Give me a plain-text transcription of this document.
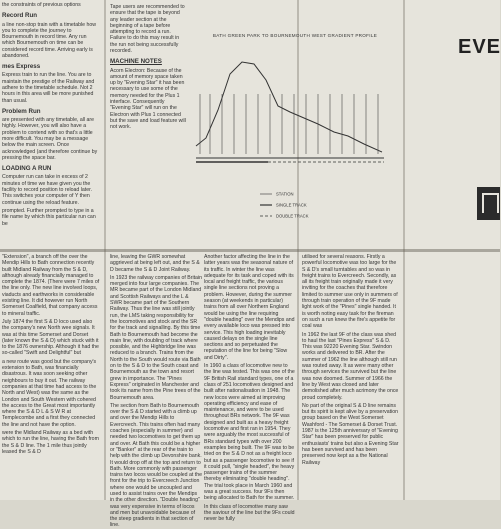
the constraints of previous options

Record Run

a line non-stop train with a timetable how you to complete the journey to Bournemouth in record time. Any run which Bournemouth on time can be considered record time. Arriving early is abandoned.

mes Express

Express train to run the line. You are to maintain the prestige of the Railway and adhere to the timetable schedule. Not 2 hours in this area will be more punished than usual.

Problem Run

are presented with any timetable, all are highly. However, you will also have a problem to contend with so that's a little more difficult. You may be a message below the main screen. Once acknowledged (and therefore continue by pressing the space bar.

LOADING A RUN

Computer run can take in excess of 2 minutes of time we have given you the facility to record position to reload later. This switches your computer of Y then continue using the reload feature.

prompted. Further prompted to type in a file name by which this particular run can be

Tape users are recommended to ensure that the tape is beyond any leader section at the beginning of a tape before attempting to record a run. Failure to do this may result in the run not being successfully recorded.

MACHINE NOTES

Acorn Electron: Because of the amount of memory space taken up by "Evening Star" it has been necessary to use some of the memory needed for the Plus 1 interface. Consequently "Evening Star" will run on the Electron with Plus 1 connected but the save and load feature will not work.

BATH GREEN PARK TO BOURNEMOUTH WEST GRADIENT PROFILE
STATION
SINGLE TRACK
DOUBLE TRACK
EVE

"Extension", a branch off the over the Mendip Hills to Bath connection recently built Midland Railway from the S & D, although already financially managed to complete the 1874. (There were 7 miles of the line only. The new line involved loops, viaducts and earthworks in considerable existing line. It did however run North Somerset Coalfield, that company access to mineral traffic.

July 1874 the first S & D loco used also the company's new North wee signals. It was at this time Somerset and Dorset (later known the S & D) which stuck with it to the 1876 ownership. Although it had the so-called "Swift and Delightful" but

a new route was good but the company's extension to Bath, was financially disastrous. It was soon seeking other neighbours to buy it out. The railway companies at that time had access to the North and West) was the same as the London and South Western with cohered the access to the Great most importantly where the S & D L & S W R at Templecombe and a first they connected the line and not have the option.

were the Midland Railway as a bed with which to run the line, having the Bath from the S & D line. The 1 mile thus jointly leased the S & D

line, leaving the GWR somewhat aggrieved at being left out, and the S & D became the S & D Joint Railway.

In 1923 the railway companies of Britain merged into four large companies. The MR became part of the London Midland and Scottish Railways and the L & SWR became part of the Southern Railway. Thus the line was still jointly run, the LMS taking responsibility for the locomotives and stock and the SR for the track and signalling. By this time Bath to Bournemouth had become the main line, with doubling of track where possible, and the Highbridge line was reduced to a branch. Trains from the North to the South would route via Bath on to the S & D to the South coast and Bournemouth as the town and resort grew in importance. The "Pines Express" originated in Manchester and took its name from the Pine trees of the Bournemouth area.

The section from Bath to Bournemouth over the S & D started with a climb up and over the Mendip Hills to Evercreech. This trains often had many coaches (especially in summer) and needed two locomotives to get them up and over. At Bath this could be a higher or "Banker" at the rear of the train to help with the climb up Devonshire bank. It would drop off at the top and return to Bath. More commonly with passenger trains two locos would be coupled at the front for the trip to Evercreech Junction where one would be uncoupled and used to assist trains over the Mendips in the other direction. "Double heading" was very expensive in terms of locos and men but unavoidable because of the steep gradients in that section of line.

Another factor affecting the line in the latter years was the seasonal nature of its traffic. In winter the line was adequate for its task and coped with its local and freight traffic, the various single line sections not proving a problem. However, during the summer season (at weekends in particular) trains from all over Northern England would be using the line requiring "double heading" over the Mendips and every available loco was pressed into service. This high loading inevitably caused delays on the single line sections and so perpetuated the reputation of the line for being "Slow and Dirty".

In 1960 a class of locomotive new to the line was tested. This was one of the 9F British Rail standard types, one of a class of 251 locomotives designed and built after nationalisation in 1948. The new locos were aimed at improving operating efficiency and ease of maintenance, and were to be used throughout BRs network. The 9F was designed and built as a heavy freight locomotive and first ran in 1954. They were arguably the most successful of BRs standard types with over 200 examples being built. The 9F was to be tried on the S & D not as a freight loco but as a passenger locomotive to see if it could pull, "single headed", the heavy passenger trains of the summer thereby eliminating "double heading". The trial took place in March 1960 and was a great success. four 9Fs then being allocated to Bath for the summer.

In this class of locomotive many saw the saviour of the line but the 9Fs could never be fully

utilised for several reasons. Firstly a powerful locomotive was too large for the S & D's small turntables and so was in freight trains to Evercreech. Secondly, as all its freight train originally made it very inviting for the coaches that therefore limited to summer use only in summers of through train operation of the 9F made light work of the "Pines" single handed. It is worth noting easy task for the fireman on such a run knew the fire's appetite for coal was

In 1962 the last 9F of the class was shed to haul the last "Pines Express" S & D. This was 92220 Evening Star. Swindon works and delivered to BR. After the summer of 1962 the line although still run was routed away. It as were many other through services the survived but the line was now doomed. Summer of 1966 the line by West was closed and later demolished after much acrimony the once proud completely.

No part of the original S & D line remains but its spirit is kept alive by a preservation group based on the West Somerset Washford - The Somerset & Dorset Trust. 1987 is the 125th anniversary of "Evening Star" has been preserved for public enthusiasts' trains but also a Evening Star has been survived and has been preserved now kept as a the National Railway
